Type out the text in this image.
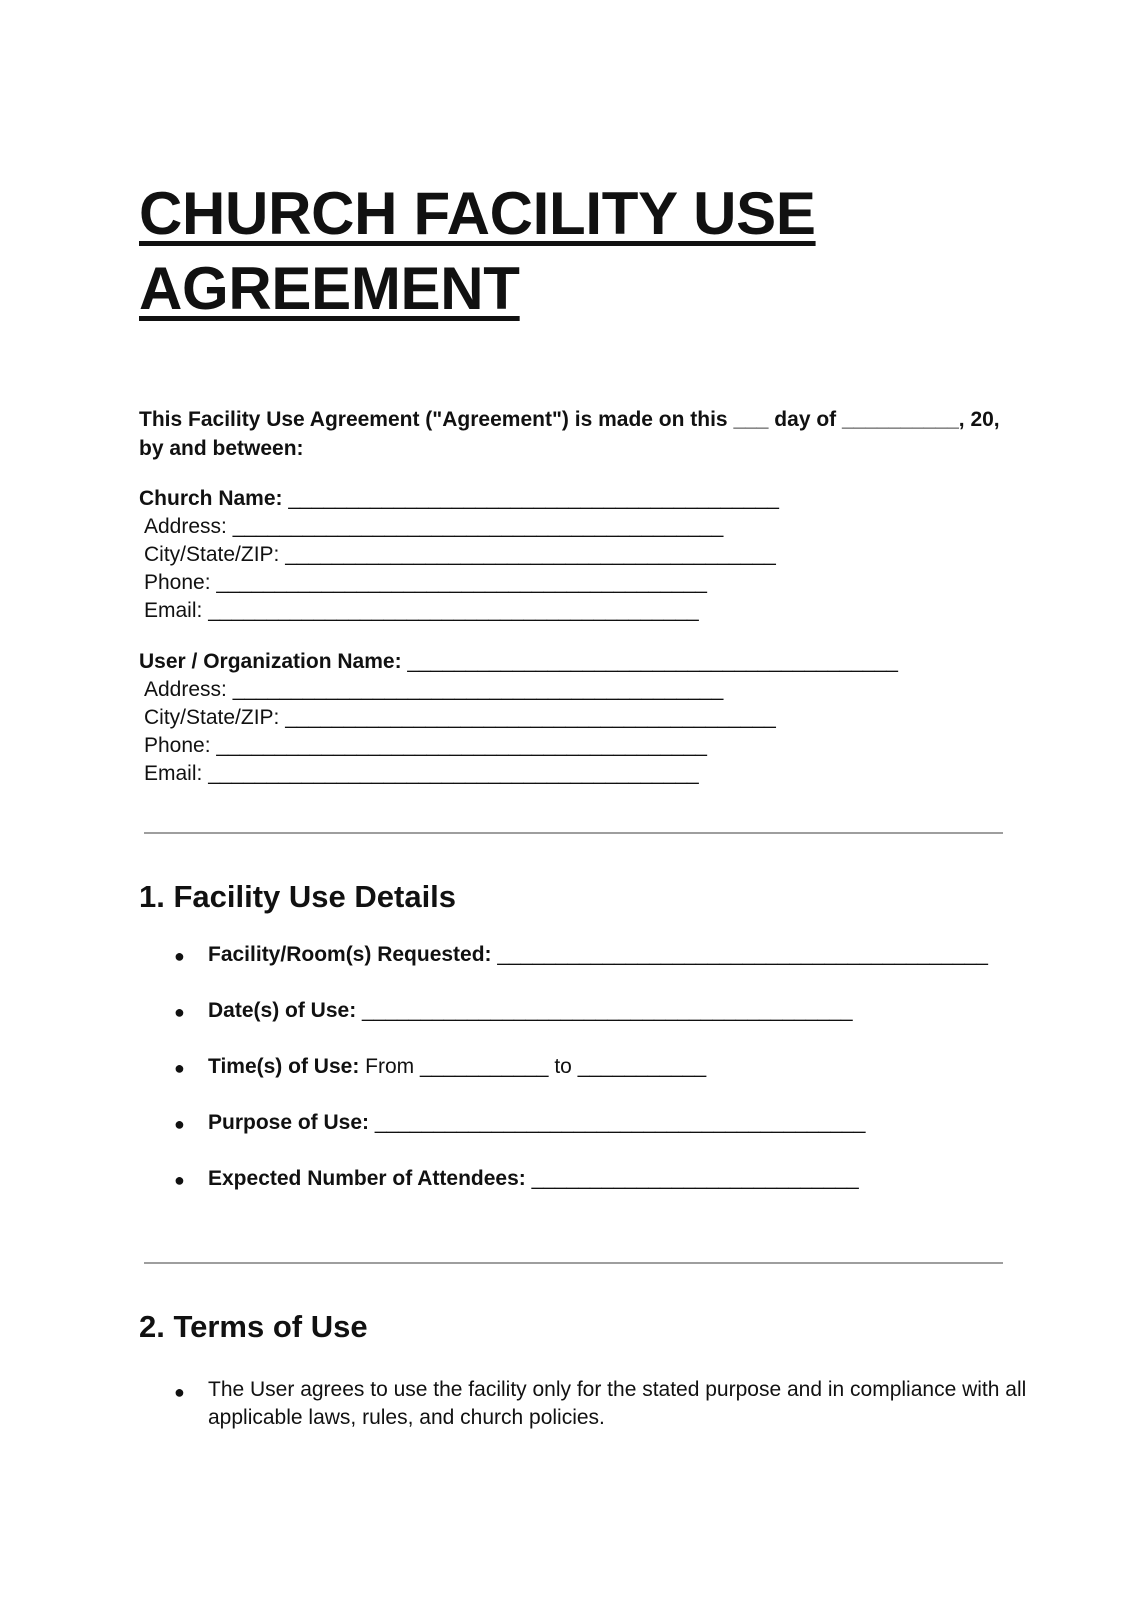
CHURCH FACILITY USE
AGREEMENT

This Facility Use Agreement ("Agreement") is made on this ___ day of __________, 20,

by and between:

Church Name: __________________________________________
Address: __________________________________________
City/State/ZIP: __________________________________________
Phone: __________________________________________
Email: __________________________________________
User / Organization Name: __________________________________________
Address: __________________________________________
City/State/ZIP: __________________________________________
Phone: __________________________________________
Email: __________________________________________
1. Facility Use Details
● Facility/Room(s) Requested: __________________________________________
● Date(s) of Use: __________________________________________
● Time(s) of Use: From ___________ to ___________
● Purpose of Use: __________________________________________
● Expected Number of Attendees: ____________________________
2. Terms of Use
● The User agrees to use the facility only for the stated purpose and in compliance with all applicable laws, rules, and church policies.
